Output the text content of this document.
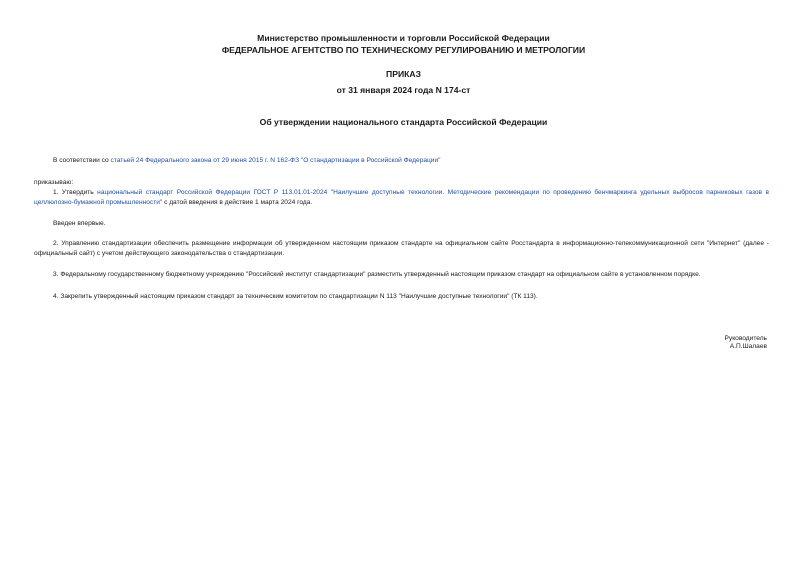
Министерство промышленности и торговли Российской Федерации
ФЕДЕРАЛЬНОЕ АГЕНТСТВО ПО ТЕХНИЧЕСКОМУ РЕГУЛИРОВАНИЮ И МЕТРОЛОГИИ
ПРИКАЗ
от 31 января 2024 года N 174-ст
Об утверждении национального стандарта Российской Федерации
В соответствии со статьей 24 Федерального закона от 29 июня 2015 г. N 162-ФЗ "О стандартизации в Российской Федерации"
приказываю:
1. Утвердить национальный стандарт Российской Федерации ГОСТ Р 113.01.01-2024 "Наилучшие доступные технологии. Методические рекомендации по проведению бенчмаркинга удельных выбросов парниковых газов в целлюлозно-бумажной промышленности" с датой введения в действие 1 марта 2024 года.
Введен впервые.
2. Управлению стандартизации обеспечить размещение информации об утвержденном настоящим приказом стандарте на официальном сайте Росстандарта в информационно-телекоммуникационной сети "Интернет" (далее - официальный сайт) с учетом действующего законодательства о стандартизации.
3. Федеральному государственному бюджетному учреждению "Российский институт стандартизации" разместить утвержденный настоящим приказом стандарт на официальном сайте в установленном порядке.
4. Закрепить утвержденный настоящим приказом стандарт за техническим комитетом по стандартизации N 113 "Наилучшие доступные технологии" (ТК 113).
Руководитель
А.П.Шалаев
